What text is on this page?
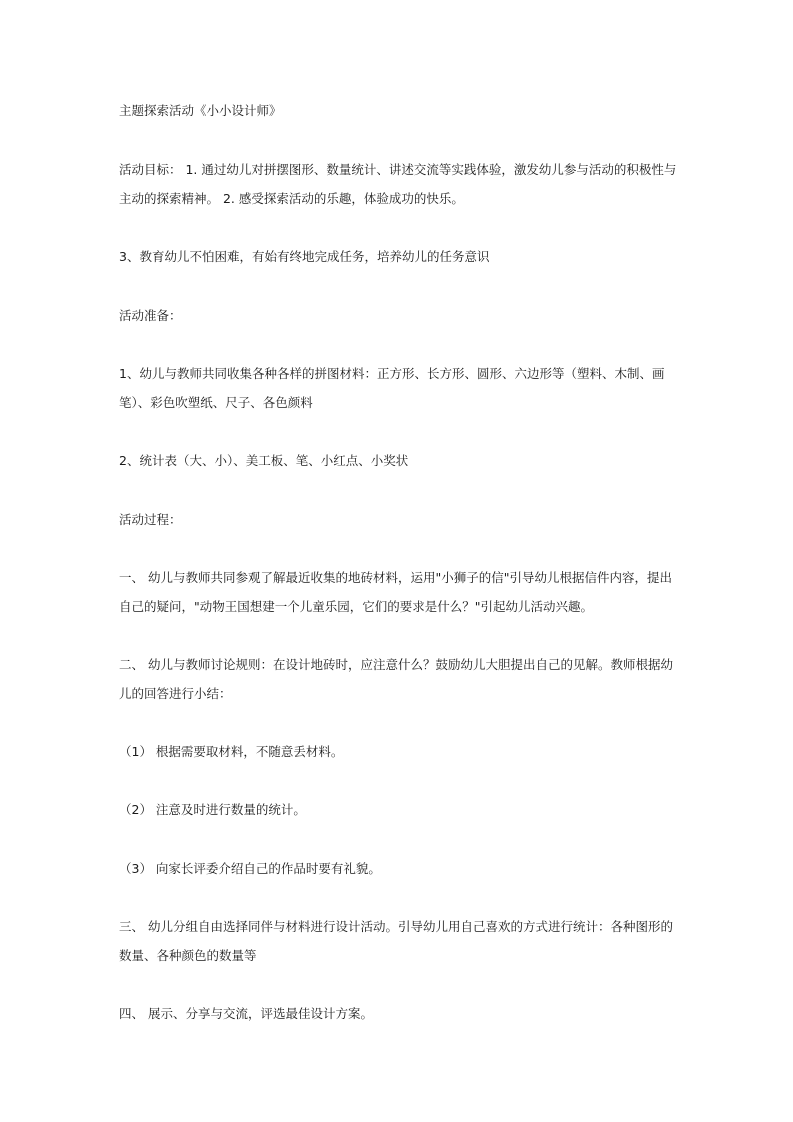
主题探索活动《小小设计师》

活动目标： 1. 通过幼儿对拼摆图形、数量统计、讲述交流等实践体验，激发幼儿参与活动的积极性与主动的探索精神。 2. 感受探索活动的乐趣，体验成功的快乐。

3、教育幼儿不怕困难，有始有终地完成任务，培养幼儿的任务意识

活动准备：

1、幼儿与教师共同收集各种各样的拼图材料：正方形、长方形、圆形、六边形等（塑料、木制、画笔）、彩色吹塑纸、尺子、各色颜料

2、统计表（大、小）、美工板、笔、小红点、小奖状

活动过程：

一、 幼儿与教师共同参观了解最近收集的地砖材料，运用"小狮子的信"引导幼儿根据信件内容，提出自己的疑问，"动物王国想建一个儿童乐园，它们的要求是什么？"引起幼儿活动兴趣。

二、 幼儿与教师讨论规则：在设计地砖时，应注意什么？鼓励幼儿大胆提出自己的见解。教师根据幼儿的回答进行小结：

（1） 根据需要取材料，不随意丢材料。

（2） 注意及时进行数量的统计。

（3） 向家长评委介绍自己的作品时要有礼貌。

三、 幼儿分组自由选择同伴与材料进行设计活动。引导幼儿用自己喜欢的方式进行统计：各种图形的数量、各种颜色的数量等

四、 展示、分享与交流，评选最佳设计方案。
